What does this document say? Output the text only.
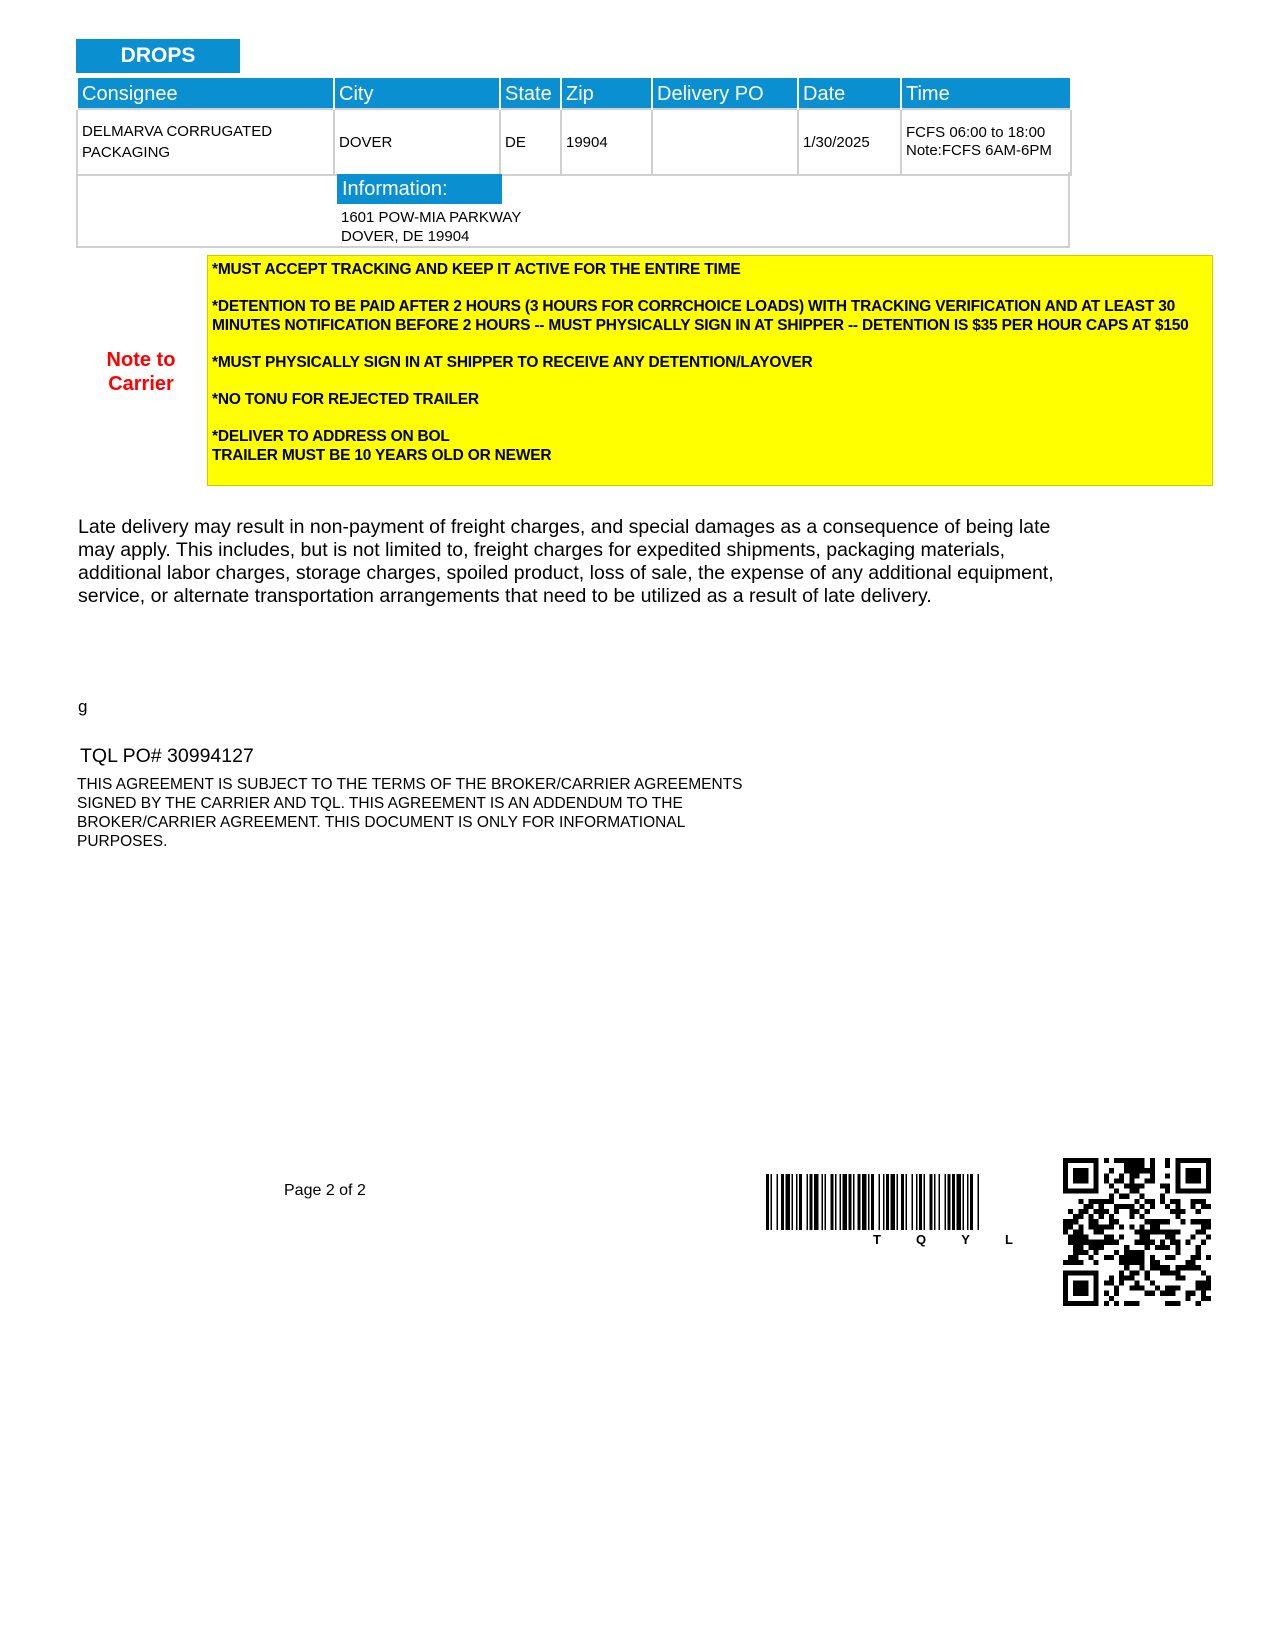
DROPS
Consignee	City	State	Zip	Delivery PO	Date	Time
DELMARVA CORRUGATED PACKAGING	DOVER	DE	19904		1/30/2025	FCFS 06:00 to 18:00 Note:FCFS 6AM-6PM
Information:
1601 POW-MIA PARKWAY
DOVER, DE 19904
Note to
Carrier

*MUST ACCEPT TRACKING AND KEEP IT ACTIVE FOR THE ENTIRE TIME

*DETENTION TO BE PAID AFTER 2 HOURS (3 HOURS FOR CORRCHOICE LOADS) WITH TRACKING VERIFICATION AND AT LEAST 30 MINUTES NOTIFICATION BEFORE 2 HOURS -- MUST PHYSICALLY SIGN IN AT SHIPPER -- DETENTION IS $35 PER HOUR CAPS AT $150

*MUST PHYSICALLY SIGN IN AT SHIPPER TO RECEIVE ANY DETENTION/LAYOVER

*NO TONU FOR REJECTED TRAILER

*DELIVER TO ADDRESS ON BOL

TRAILER MUST BE 10 YEARS OLD OR NEWER

Late delivery may result in non-payment of freight charges, and special damages as a consequence of being late may apply. This includes, but is not limited to, freight charges for expedited shipments, packaging materials, additional labor charges, storage charges, spoiled product, loss of sale, the expense of any additional equipment, service, or alternate transportation arrangements that need to be utilized as a result of late delivery.
g
TQL PO# 30994127
THIS AGREEMENT IS SUBJECT TO THE TERMS OF THE BROKER/CARRIER AGREEMENTS SIGNED BY THE CARRIER AND TQL. THIS AGREEMENT IS AN ADDENDUM TO THE BROKER/CARRIER AGREEMENT. THIS DOCUMENT IS ONLY FOR INFORMATIONAL PURPOSES.
Page 2 of 2
T	Q	Y	L
